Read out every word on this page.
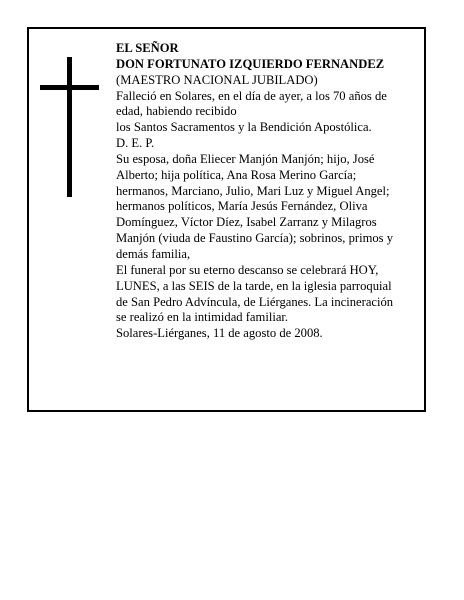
EL SEÑOR
DON FORTUNATO IZQUIERDO FERNANDEZ
(MAESTRO NACIONAL JUBILADO)
Falleció en Solares, en el día de ayer, a los 70 años de
edad, habiendo recibido
los Santos Sacramentos y la Bendición Apostólica.
D. E. P.
Su esposa, doña Eliecer Manjón Manjón; hijo, José
Alberto; hija política, Ana Rosa Merino García;
hermanos, Marciano, Julio, Mari Luz y Miguel Angel;
hermanos políticos, María Jesús Fernández, Oliva
Domínguez, Víctor Díez, Isabel Zarranz y Milagros
Manjón (viuda de Faustino García); sobrinos, primos y
demás familia,
El funeral por su eterno descanso se celebrará HOY,
LUNES, a las SEIS de la tarde, en la iglesia parroquial
de San Pedro Advíncula, de Liérganes. La incineración
se realizó en la intimidad familiar.
Solares-Liérganes, 11 de agosto de 2008.
